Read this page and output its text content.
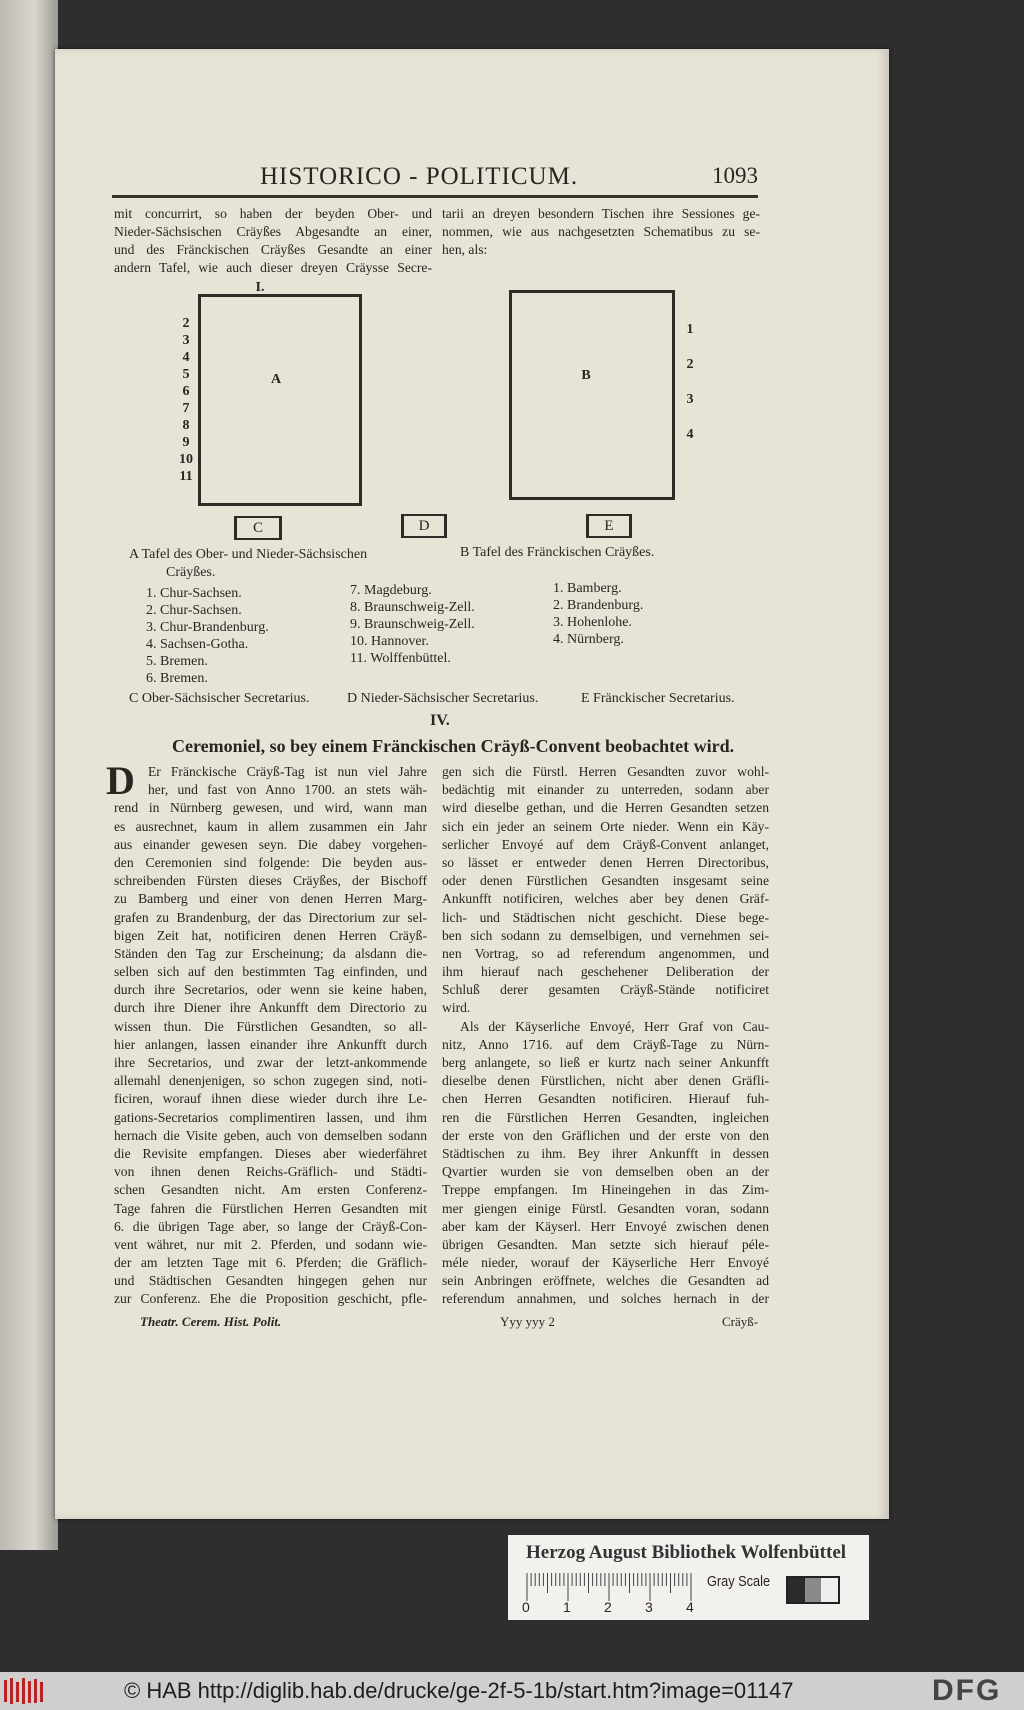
HISTORICO - POLITICUM.	1093
mit concurrirt, so haben der beyden Ober- und
Nieder-Sächsischen Cräyßes Abgesandte an einer,
und des Fränckischen Cräyßes Gesandte an einer
andern Tafel, wie auch dieser dreyen Cräysse Secre-
tarii an dreyen besondern Tischen ihre Sessiones ge-
nommen, wie aus nachgesetzten Schematibus zu se-
hen, als:
I.
A
2
3
4
5
6
7
8
9
10
11
B
1
2
3
4
C	D	E
A Tafel des Ober- und Nieder-Sächsischen
Cräyßes.
B Tafel des Fränckischen Cräyßes.
1. Chur-Sachsen.
2. Chur-Sachsen.
3. Chur-Brandenburg.
4. Sachsen-Gotha.
5. Bremen.
6. Bremen.
7. Magdeburg.
8. Braunschweig-Zell.
9. Braunschweig-Zell.
10. Hannover.
11. Wolffenbüttel.
1. Bamberg.
2. Brandenburg.
3. Hohenlohe.
4. Nürnberg.
C Ober-Sächsischer Secretarius.	D Nieder-Sächsischer Secretarius.	E Fränckischer Secretarius.
IV.
Ceremoniel, so bey einem Fränckischen Cräyß-Convent beobachtet wird.
D Er Fränckische Cräyß-Tag ist nun viel Jahre
her, und fast von Anno 1700. an stets wäh-
rend in Nürnberg gewesen, und wird, wann man
es ausrechnet, kaum in allem zusammen ein Jahr
aus einander gewesen seyn. Die dabey vorgehen-
den Ceremonien sind folgende: Die beyden aus-
schreibenden Fürsten dieses Cräyßes, der Bischoff
zu Bamberg und einer von denen Herren Marg-
grafen zu Brandenburg, der das Directorium zur sel-
bigen Zeit hat, notificiren denen Herren Cräyß-
Ständen den Tag zur Erscheinung; da alsdann die-
selben sich auf den bestimmten Tag einfinden, und
durch ihre Secretarios, oder wenn sie keine haben,
durch ihre Diener ihre Ankunfft dem Directorio zu
wissen thun. Die Fürstlichen Gesandten, so all-
hier anlangen, lassen einander ihre Ankunfft durch
ihre Secretarios, und zwar der letzt-ankommende
allemahl denenjenigen, so schon zugegen sind, noti-
ficiren, worauf ihnen diese wieder durch ihre Le-
gations-Secretarios complimentiren lassen, und ihm
hernach die Visite geben, auch von demselben sodann
die Revisite empfangen. Dieses aber wiederfähret
von ihnen denen Reichs-Gräflich- und Städti-
schen Gesandten nicht. Am ersten Conferenz-
Tage fahren die Fürstlichen Herren Gesandten mit
6. die übrigen Tage aber, so lange der Cräyß-Con-
vent währet, nur mit 2. Pferden, und sodann wie-
der am letzten Tage mit 6. Pferden; die Gräflich-
und Städtischen Gesandten hingegen gehen nur
zur Conferenz. Ehe die Proposition geschicht, pfle-
gen sich die Fürstl. Herren Gesandten zuvor wohl-
bedächtig mit einander zu unterreden, sodann aber
wird dieselbe gethan, und die Herren Gesandten setzen
sich ein jeder an seinem Orte nieder. Wenn ein Käy-
serlicher Envoyé auf dem Cräyß-Convent anlanget,
so lässet er entweder denen Herren Directoribus,
oder denen Fürstlichen Gesandten insgesamt seine
Ankunfft notificiren, welches aber bey denen Gräf-
lich- und Städtischen nicht geschicht. Diese bege-
ben sich sodann zu demselbigen, und vernehmen sei-
nen Vortrag, so ad referendum angenommen, und
ihm hierauf nach geschehener Deliberation der
Schluß derer gesamten Cräyß-Stände notificiret
wird.
Als der Käyserliche Envoyé, Herr Graf von Cau-
nitz, Anno 1716. auf dem Cräyß-Tage zu Nürn-
berg anlangete, so ließ er kurtz nach seiner Ankunfft
dieselbe denen Fürstlichen, nicht aber denen Gräfli-
chen Herren Gesandten notificiren. Hierauf fuh-
ren die Fürstlichen Herren Gesandten, ingleichen
der erste von den Gräflichen und der erste von den
Städtischen zu ihm. Bey ihrer Ankunfft in dessen
Qvartier wurden sie von demselben oben an der
Treppe empfangen. Im Hineingehen in das Zim-
mer giengen einige Fürstl. Gesandten voran, sodann
aber kam der Käyserl. Herr Envoyé zwischen denen
übrigen Gesandten. Man setzte sich hierauf péle-
méle nieder, worauf der Käyserliche Herr Envoyé
sein Anbringen eröffnete, welches die Gesandten ad
referendum annahmen, und solches hernach in der
Theatr. Cerem. Hist. Polit.	Yyy yyy 2	Cräyß-
Herzog August Bibliothek Wolfenbüttel
0 1 2 3 4
Gray Scale
© HAB http://diglib.hab.de/drucke/ge-2f-5-1b/start.htm?image=01147	DFG
